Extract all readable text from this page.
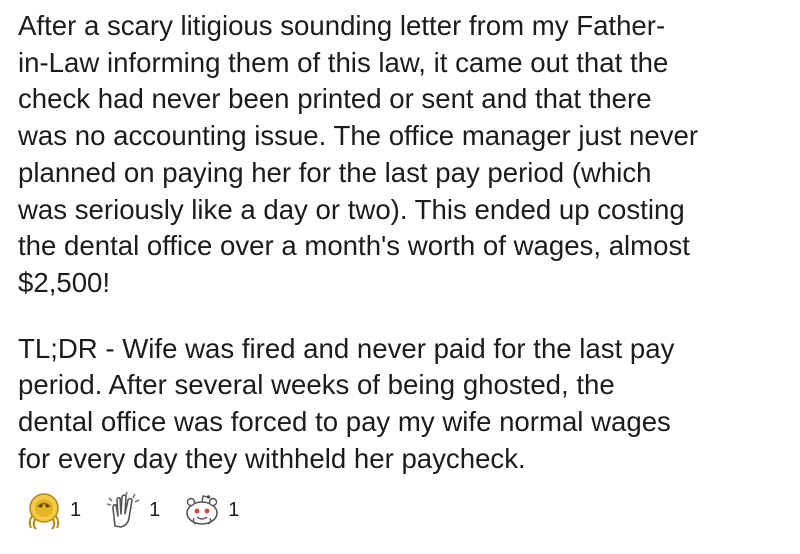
After a scary litigious sounding letter from my Father-
in-Law informing them of this law, it came out that the
check had never been printed or sent and that there
was no accounting issue. The office manager just never
planned on paying her for the last pay period (which
was seriously like a day or two). This ended up costing
the dental office over a month's worth of wages, almost
$2,500!
TL;DR - Wife was fired and never paid for the last pay
period. After several weeks of being ghosted, the
dental office was forced to pay my wife normal wages
for every day they withheld her paycheck.
1	1	1
